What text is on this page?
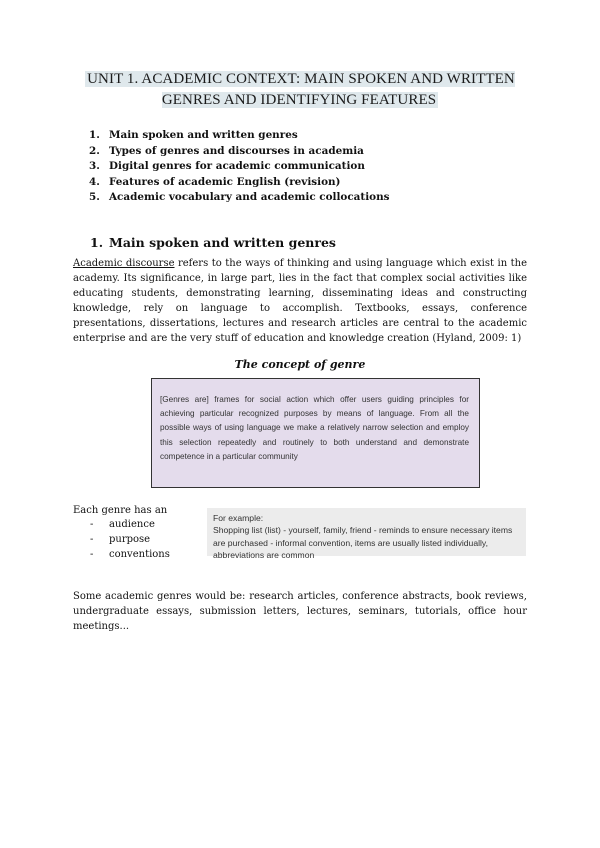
UNIT 1. ACADEMIC CONTEXT: MAIN SPOKEN AND WRITTEN GENRES AND IDENTIFYING FEATURES
1. Main spoken and written genres
2. Types of genres and discourses in academia
3. Digital genres for academic communication
4. Features of academic English (revision)
5. Academic vocabulary and academic collocations
1. Main spoken and written genres

Academic discourse refers to the ways of thinking and using language which exist in the academy. Its significance, in large part, lies in the fact that complex social activities like educating students, demonstrating learning, disseminating ideas and constructing knowledge, rely on language to accomplish. Textbooks, essays, conference presentations, dissertations, lectures and research articles are central to the academic enterprise and are the very stuff of education and knowledge creation (Hyland, 2009: 1)

The concept of genre
[Genres are] frames for social action which offer users guiding principles for achieving particular recognized purposes by means of language. From all the possible ways of using language we make a relatively narrow selection and employ this selection repeatedly and routinely to both understand and demonstrate competence in a particular community
Each genre has an
-	audience
-	purpose
-	conventions
For example:
Shopping list (list) - yourself, family, friend - reminds to ensure necessary items are purchased - informal convention, items are usually listed individually, abbreviations are common

Some academic genres would be: research articles, conference abstracts, book reviews, undergraduate essays, submission letters, lectures, seminars, tutorials, office hour meetings...
